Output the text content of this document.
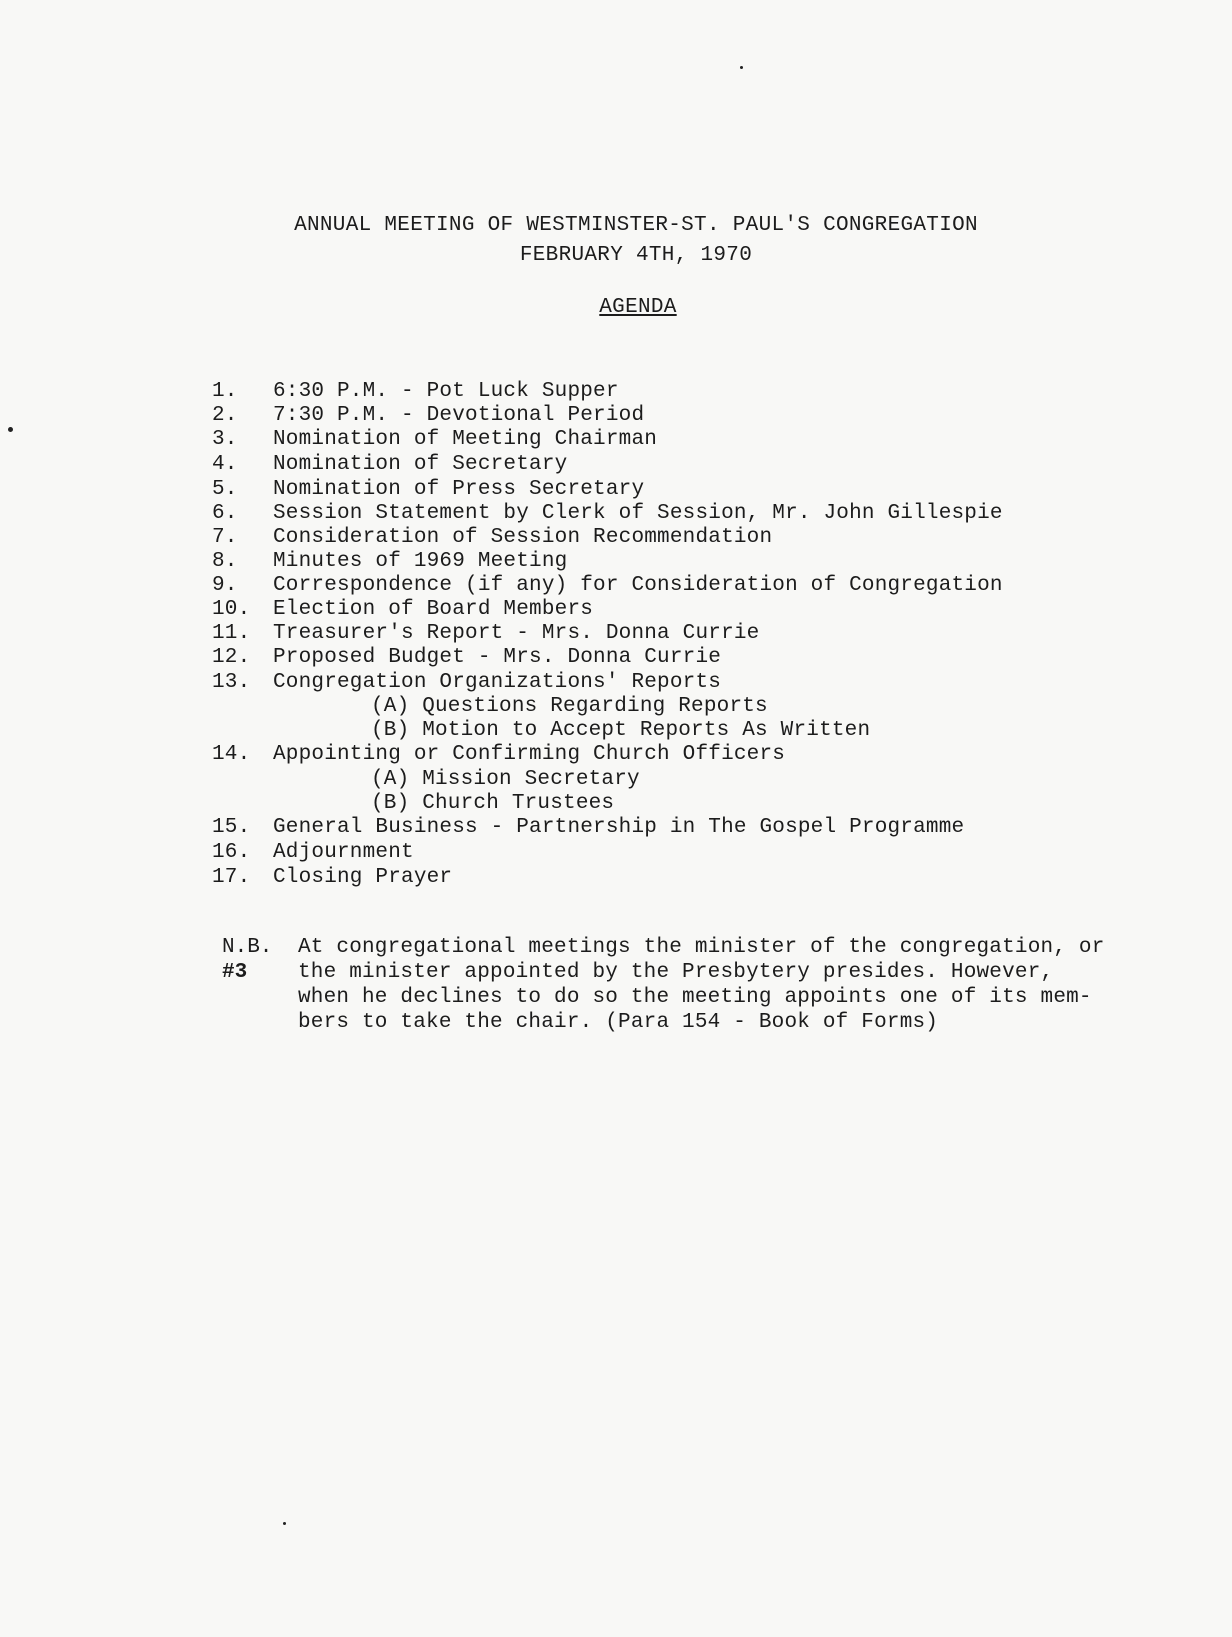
ANNUAL MEETING OF WESTMINSTER-ST. PAUL'S CONGREGATION
FEBRUARY 4TH, 1970
AGENDA
1.	6:30 P.M. - Pot Luck Supper
2.	7:30 P.M. - Devotional Period
3.	Nomination of Meeting Chairman
4.	Nomination of Secretary
5.	Nomination of Press Secretary
6.	Session Statement by Clerk of Session, Mr. John Gillespie
7.	Consideration of Session Recommendation
8.	Minutes of 1969 Meeting
9.	Correspondence (if any) for Consideration of Congregation
10.	Election of Board Members
11.	Treasurer's Report - Mrs. Donna Currie
12.	Proposed Budget - Mrs. Donna Currie
13.	Congregation Organizations' Reports
(A) Questions Regarding Reports
(B) Motion to Accept Reports As Written
14.	Appointing or Confirming Church Officers
(A) Mission Secretary
(B) Church Trustees
15.	General Business - Partnership in The Gospel Programme
16.	Adjournment
17.	Closing Prayer
N.B.
#3
At congregational meetings the minister of the congregation, or
the minister appointed by the Presbytery presides. However,
when he declines to do so the meeting appoints one of its mem-
bers to take the chair. (Para 154 - Book of Forms)
